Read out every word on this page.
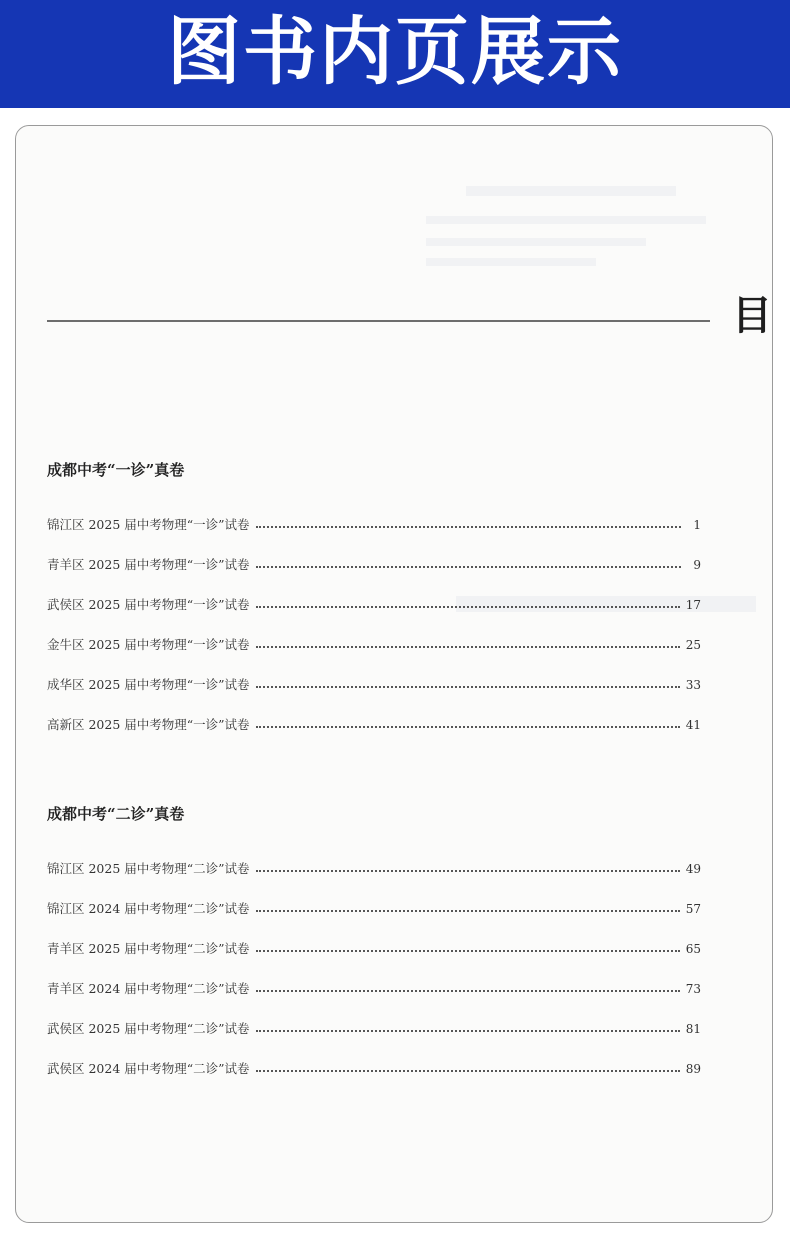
图书内页展示
目
成都中考“一诊”真卷
锦江区 2025 届中考物理“一诊”试卷	1
青羊区 2025 届中考物理“一诊”试卷	9
武侯区 2025 届中考物理“一诊”试卷	17
金牛区 2025 届中考物理“一诊”试卷	25
成华区 2025 届中考物理“一诊”试卷	33
高新区 2025 届中考物理“一诊”试卷	41
成都中考“二诊”真卷
锦江区 2025 届中考物理“二诊”试卷	49
锦江区 2024 届中考物理“二诊”试卷	57
青羊区 2025 届中考物理“二诊”试卷	65
青羊区 2024 届中考物理“二诊”试卷	73
武侯区 2025 届中考物理“二诊”试卷	81
武侯区 2024 届中考物理“二诊”试卷	89
